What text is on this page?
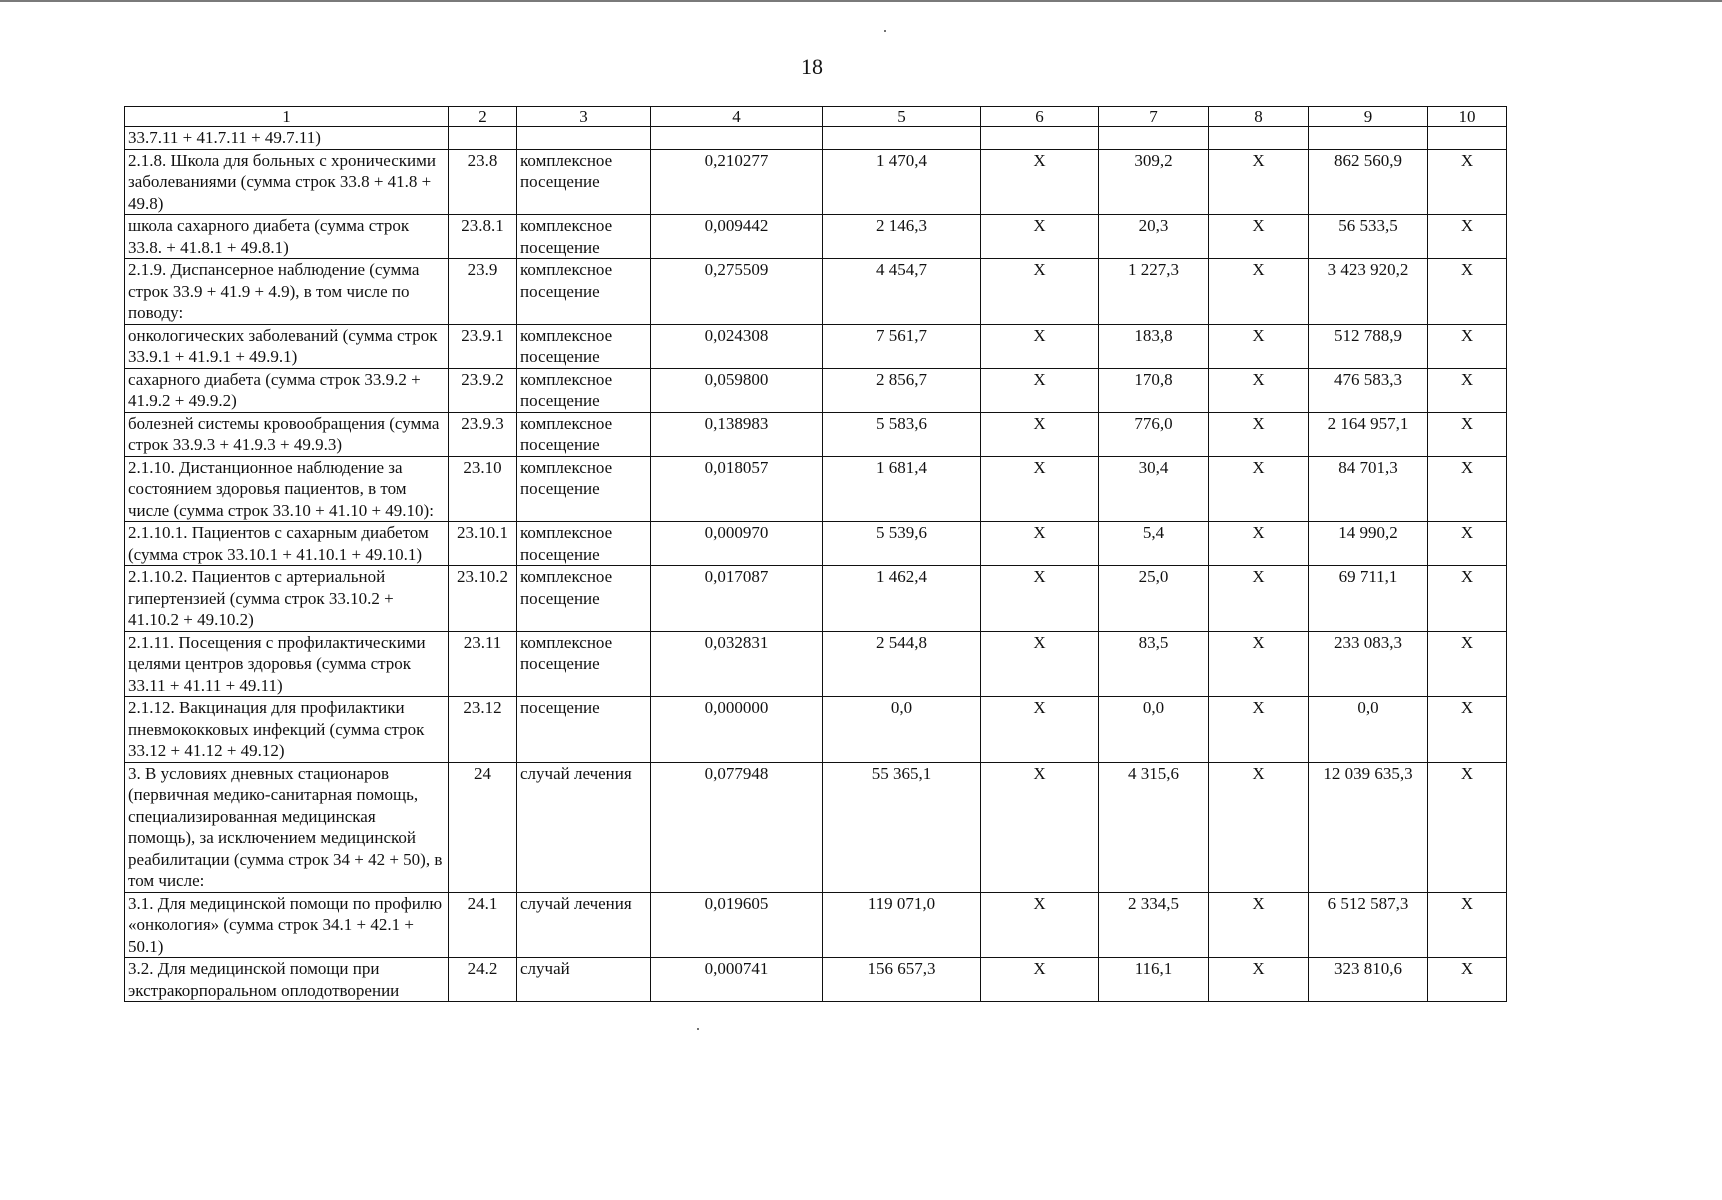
18
1	2	3	4	5	6	7	8	9	10
33.7.11 + 41.7.11 + 49.7.11)									
2.1.8. Школа для больных с хроническими заболеваниями (сумма строк 33.8 + 41.8 + 49.8)	23.8	комплексное посещение	0,210277	1 470,4	Х	309,2	Х	862 560,9	Х
школа сахарного диабета (сумма строк 33.8. + 41.8.1 + 49.8.1)	23.8.1	комплексное посещение	0,009442	2 146,3	Х	20,3	Х	56 533,5	Х
2.1.9. Диспансерное наблюдение (сумма строк 33.9 + 41.9 + 4.9), в том числе по поводу:	23.9	комплексное посещение	0,275509	4 454,7	Х	1 227,3	Х	3 423 920,2	Х
онкологических заболеваний (сумма строк 33.9.1 + 41.9.1 + 49.9.1)	23.9.1	комплексное посещение	0,024308	7 561,7	Х	183,8	Х	512 788,9	Х
сахарного диабета (сумма строк 33.9.2 + 41.9.2 + 49.9.2)	23.9.2	комплексное посещение	0,059800	2 856,7	Х	170,8	Х	476 583,3	Х
болезней системы кровообращения (сумма строк 33.9.3 + 41.9.3 + 49.9.3)	23.9.3	комплексное посещение	0,138983	5 583,6	Х	776,0	Х	2 164 957,1	Х
2.1.10. Дистанционное наблюдение за состоянием здоровья пациентов, в том числе (сумма строк 33.10 + 41.10 + 49.10):	23.10	комплексное посещение	0,018057	1 681,4	Х	30,4	Х	84 701,3	Х
2.1.10.1. Пациентов с сахарным диабетом (сумма строк 33.10.1 + 41.10.1 + 49.10.1)	23.10.1	комплексное посещение	0,000970	5 539,6	Х	5,4	Х	14 990,2	Х
2.1.10.2. Пациентов с артериальной гипертензией (сумма строк 33.10.2 + 41.10.2 + 49.10.2)	23.10.2	комплексное посещение	0,017087	1 462,4	Х	25,0	Х	69 711,1	Х
2.1.11. Посещения с профилактическими целями центров здоровья (сумма строк 33.11 + 41.11 + 49.11)	23.11	комплексное посещение	0,032831	2 544,8	Х	83,5	Х	233 083,3	Х
2.1.12. Вакцинация для профилактики пневмококковых инфекций (сумма строк 33.12 + 41.12 + 49.12)	23.12	посещение	0,000000	0,0	Х	0,0	Х	0,0	Х
3. В условиях дневных стационаров (первичная медико-санитарная помощь, специализированная медицинская помощь), за исключением медицинской реабилитации (сумма строк 34 + 42 + 50), в том числе:	24	случай лечения	0,077948	55 365,1	Х	4 315,6	Х	12 039 635,3	Х
3.1. Для медицинской помощи по профилю «онкология» (сумма строк 34.1 + 42.1 + 50.1)	24.1	случай лечения	0,019605	119 071,0	Х	2 334,5	Х	6 512 587,3	Х
3.2. Для медицинской помощи при экстракорпоральном оплодотворении	24.2	случай	0,000741	156 657,3	Х	116,1	Х	323 810,6	Х
